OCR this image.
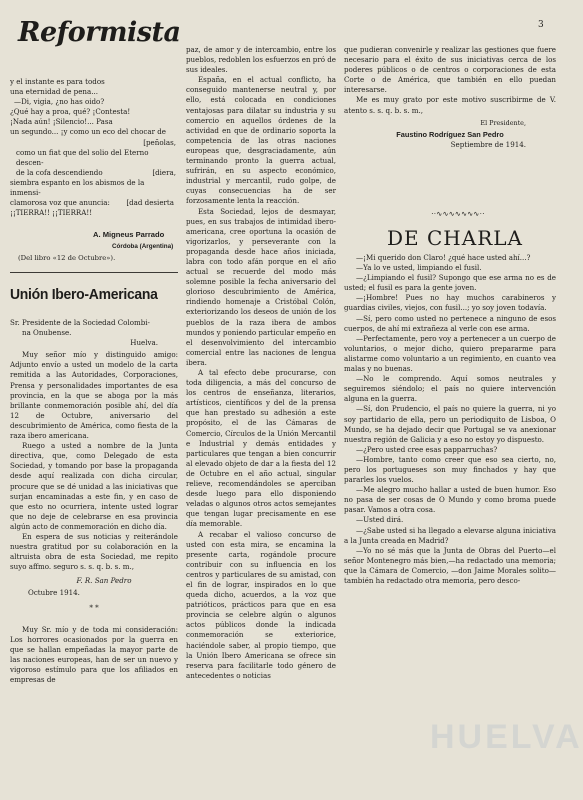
Reformista	3

y el instante es para todos

una eternidad de pena...

—Di, vigia, ¿no has oido?

¿Qué hay a proa, qué? ¡Contesta!

¡Nada aún! ¡Silencio!... Pasa

un segundo... ¡y como un eco del chocar de

[peñolas,

como un fiat que del solio del Eterno descen-

de la cofa descendiendo	[diera,

siembra espanto en los abismos de la inmensi-

clamorosa voz que anuncia: [dad desierta

¡¡TIERRA!! ¡¡TIERRA!!

A. Migneus Parrado
Córdoba (Argentina)
(Del libro «12 de Octubre»).
Unión Ibero-Americana

Sr. Presidente de la Sociedad Colombi-

na Onubense.

Huelva.

Muy señor mío y distinguido amigo: Adjunto envío a usted un modelo de la carta remitida a las Autoridades, Corporaciones, Prensa y personalidades importantes de esa provincia, en la que se aboga por la más brillante conmemoración posible ahí, del día 12 de Octubre, aniversario del descubrimiento de América, como fiesta de la raza ibero americana.

Ruego a usted a nombre de la Junta directiva, que, como Delegado de esta Sociedad, y tomando por base la propaganda desde aquí realizada con dicha circular, procure que se dé unidad a las iniciativas que surjan encaminadas a este fin, y en caso de que esto no ocurriera, intente usted lograr que no deje de celebrarse en esa provincia algún acto de conmemoración en dicho día.

En espera de sus noticias y reiterándole nuestra gratitud por su colaboración en la altruista obra de esta Sociedad, me repito suyo affmo. seguro s. s. q. b. s. m.,

F. R. San Pedro

Octubre 1914.

* *

Muy Sr. mío y de toda mi consideración: Los horrores ocasionados por la guerra en que se hallan empeñadas la mayor parte de las naciones europeas, han de ser un nuevo y vigoroso estímulo para que los afiliados en empresas de

paz, de amor y de intercambio, entre los pueblos, redoblen los esfuerzos en pró de sus ideales.

España, en el actual conflicto, ha conseguido mantenerse neutral y, por ello, está colocada en condiciones ventajosas para dilatar su industria y su comercio en aquellos órdenes de la actividad en que de ordinario soporta la competencia de las otras naciones europeas que, desgraciadamente, aún terminando pronto la guerra actual, sufrirán, en su aspecto económico, industrial y mercantil, rudo golpe, de cuyas consecuencias ha de ser forzosamente lenta la reacción.

Esta Sociedad, lejos de desmayar, pues, en sus trabajos de intimidad ibero-americana, cree oportuna la ocasión de vigorizarlos, y perseverante con la propaganda desde hace años iniciada, labra con todo afán porque en el año actual se recuerde del modo más solemne posible la fecha aniversario del glorioso descubrimiento de América, rindiendo homenaje a Cristóbal Colón, exteriorizando los deseos de unión de los pueblos de la raza ibera de ambos mundos y poniendo particular empeño en el desenvolvimiento del intercambio comercial entre las naciones de lengua ibera.

A tal efecto debe procurarse, con toda diligencia, a más del concurso de los centros de enseñanza, literarios, artísticos, científicos y del de la prensa que han prestado su adhesión a este propósito, el de las Cámaras de Comercio, Círculos de la Unión Mercantil e Industrial y demás entidades y particulares que tengan a bien concurrir al elevado objeto de dar a la fiesta del 12 de Octubre en el año actual, singular relieve, recomendándoles se aperciban desde luego para ello disponiendo veladas o algunos otros actos semejantes que tengan lugar precisamente en ese día memorable.

A recabar el valioso concurso de usted con esta mira, se encamina la presente carta, rogándole procure contribuir con su influencia en los centros y particulares de su amistad, con el fin de lograr, inspirados en lo que queda dicho, acuerdos, a la voz que patrióticos, prácticos para que en esa provincia se celebre algún o algunos actos públicos donde la indicada conmemoración se exteriorice, haciéndole saber, al propio tiempo, que la Unión Ibero Americana se ofrece sin reserva para facilitarle todo género de antecedentes o noticias

que pudieran convenirle y realizar las gestiones que fuere necesario para el éxito de sus iniciativas cerca de los poderes públicos o de centros o corporaciones de esta Corte o de América, que también en ello puedan interesarse.

Me es muy grato por este motivo suscribirme de V. atento s. s. q. b. s. m.,

El Presidente,

Faustino Rodríguez San Pedro

Septiembre de 1914.

·⋅∿∿∿∿∿∿∿⋅·
DE CHARLA

—¡Mi querido don Claro! ¿qué hace usted ahí...?

—Ya lo ve usted, limpiando el fusil.

—¿Limpiando el fusil? Supongo que ese arma no es de usted; el fusil es para la gente joven.

—¡Hombre! Pues no hay muchos carabineros y guardias civiles, viejos, con fusil...; yo soy joven todavía.

—Sí, pero como usted no pertenece a ninguno de esos cuerpos, de ahí mi extrañeza al verle con ese arma.

—Perfectamente, pero voy a pertenecer a un cuerpo de voluntarios, o mejor dicho, quiero prepararme para alistarme como voluntario a un regimiento, en cuanto vea malas y no buenas.

—No le comprendo. Aquí somos neutrales y seguiremos siéndolo; el país no quiere intervención alguna en la guerra.

—Sí, don Prudencio, el país no quiere la guerra, ni yo soy partidario de ella, pero un periodiquito de Lisboa, O Mundo, se ha dejado decir que Portugal se va anexionar nuestra región de Galicia y a eso no estoy yo dispuesto.

—¿Pero usted cree esas papparruchas?

—Hombre, tanto como creer que eso sea cierto, no, pero los portugueses son muy finchados y hay que pararles los vuelos.

—Me alegro mucho hallar a usted de buen humor. Eso no pasa de ser cosas de O Mundo y como broma puede pasar. Vamos a otra cosa.

—Usted dirá.

—¿Sabe usted si ha llegado a elevarse alguna iniciativa a la Junta creada en Madrid?

—Yo no sé más que la Junta de Obras del Puerto—el señor Montenegro más bien,—ha redactado una memoria; que la Cámara de Comercio, —don Jaime Morales solito—también ha redactado otra memoria, pero desco-

HUELVA
